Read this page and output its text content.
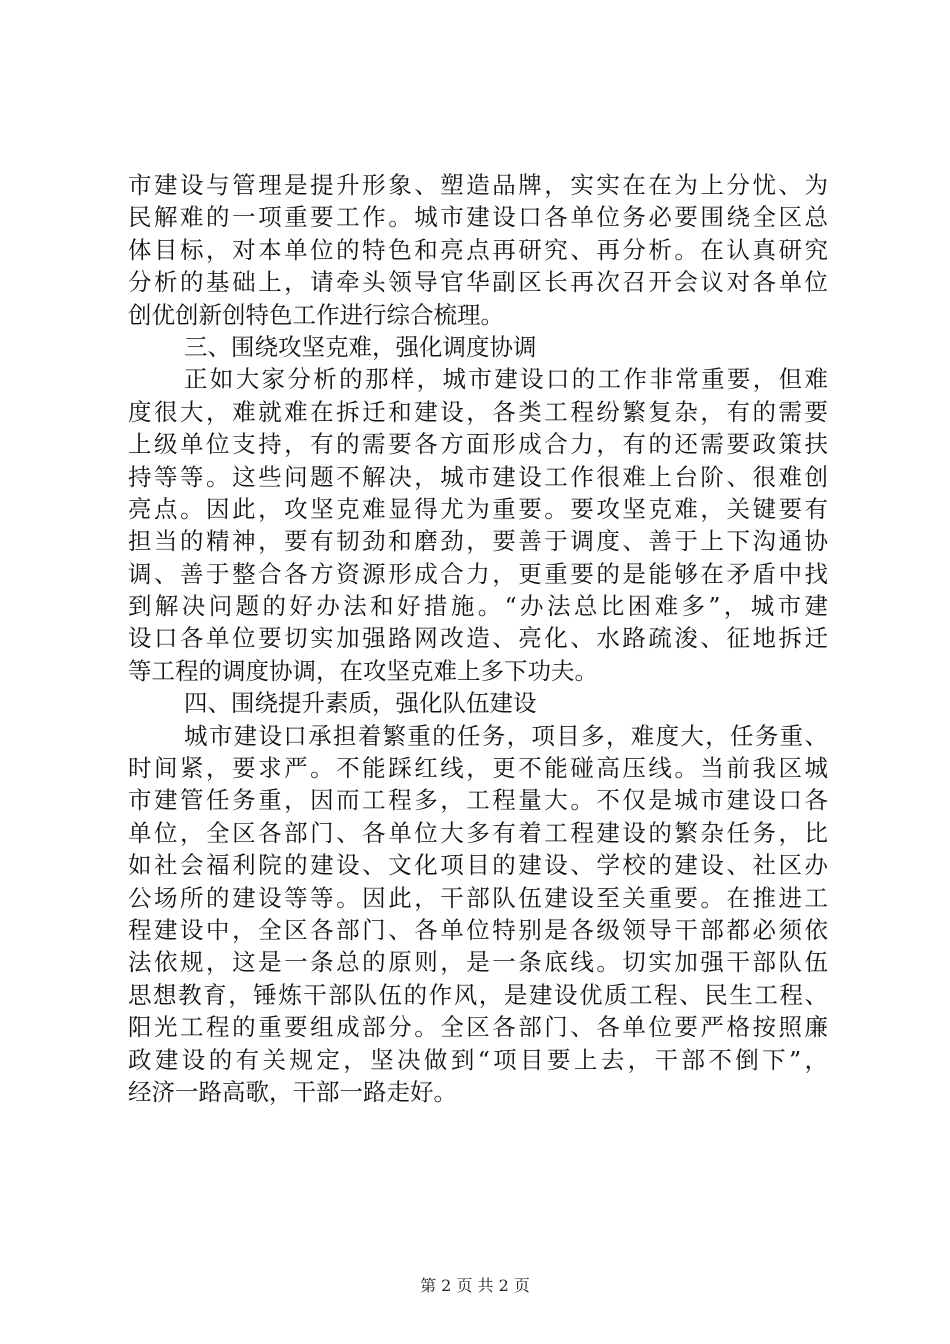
市建设与管理是提升形象、塑造品牌，实实在在为上分忧、为
民解难的一项重要工作。城市建设口各单位务必要围绕全区总
体目标，对本单位的特色和亮点再研究、再分析。在认真研究
分析的基础上，请牵头领导官华副区长再次召开会议对各单位
创优创新创特色工作进行综合梳理。
三、围绕攻坚克难，强化调度协调
正如大家分析的那样，城市建设口的工作非常重要，但难
度很大，难就难在拆迁和建设，各类工程纷繁复杂，有的需要
上级单位支持，有的需要各方面形成合力，有的还需要政策扶
持等等。这些问题不解决，城市建设工作很难上台阶、很难创
亮点。因此，攻坚克难显得尤为重要。要攻坚克难，关键要有
担当的精神，要有韧劲和磨劲，要善于调度、善于上下沟通协
调、善于整合各方资源形成合力，更重要的是能够在矛盾中找
到解决问题的好办法和好措施。“办法总比困难多”，城市建
设口各单位要切实加强路网改造、亮化、水路疏浚、征地拆迁
等工程的调度协调，在攻坚克难上多下功夫。
四、围绕提升素质，强化队伍建设
城市建设口承担着繁重的任务，项目多，难度大，任务重、
时间紧，要求严。不能踩红线，更不能碰高压线。当前我区城
市建管任务重，因而工程多，工程量大。不仅是城市建设口各
单位，全区各部门、各单位大多有着工程建设的繁杂任务，比
如社会福利院的建设、文化项目的建设、学校的建设、社区办
公场所的建设等等。因此，干部队伍建设至关重要。在推进工
程建设中，全区各部门、各单位特别是各级领导干部都必须依
法依规，这是一条总的原则，是一条底线。切实加强干部队伍
思想教育，锤炼干部队伍的作风，是建设优质工程、民生工程、
阳光工程的重要组成部分。全区各部门、各单位要严格按照廉
政建设的有关规定，坚决做到“项目要上去，干部不倒下”，
经济一路高歌，干部一路走好。
第 2 页 共 2 页
